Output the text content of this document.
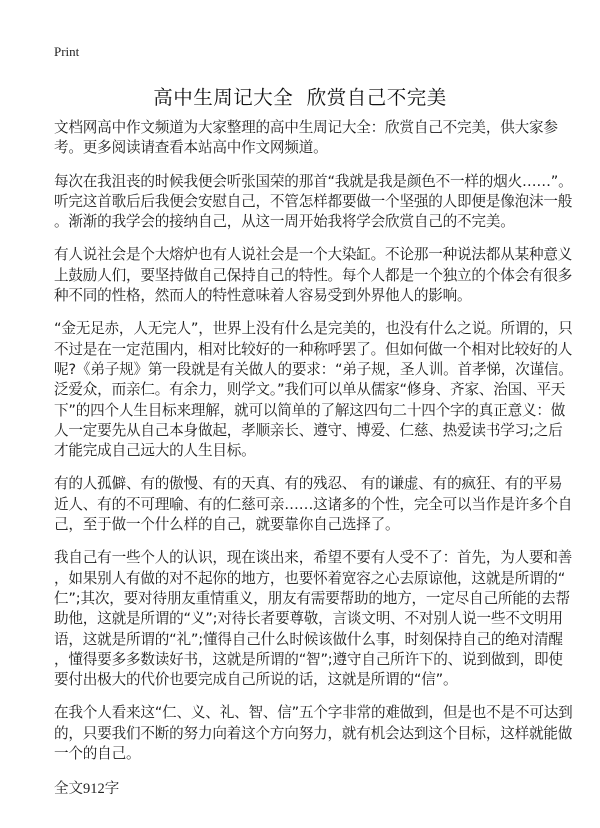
Print
高中生周记大全  欣赏自己不完美
文档网高中作文频道为大家整理的高中生周记大全：欣赏自己不完美，供大家参
考。更多阅读请查看本站高中作文网频道。
每次在我沮丧的时候我便会听张国荣的那首“我就是我是颜色不一样的烟火……”。
听完这首歌后后我便会安慰自己，不管怎样都要做一个坚强的人即便是像泡沫一般
。渐渐的我学会的接纳自己，从这一周开始我将学会欣赏自己的不完美。
有人说社会是个大熔炉也有人说社会是一个大染缸。不论那一种说法都从某种意义
上鼓励人们，要坚持做自己保持自己的特性。每个人都是一个独立的个体会有很多
种不同的性格，然而人的特性意味着人容易受到外界他人的影响。
“金无足赤，人无完人”，世界上没有什么是完美的，也没有什么之说。所谓的，只
不过是在一定范围内，相对比较好的一种称呼罢了。但如何做一个相对比较好的人
呢?《弟子规》第一段就是有关做人的要求：“弟子规，圣人训。首孝悌，次谨信。
泛爱众，而亲仁。有余力，则学文。”我们可以单从儒家“修身、齐家、治国、平天
下”的四个人生目标来理解，就可以简单的了解这四句二十四个字的真正意义：做
人一定要先从自己本身做起，孝顺亲长、遵守、博爱、仁慈、热爱读书学习;之后
才能完成自己远大的人生目标。
有的人孤僻、有的傲慢、有的天真、有的残忍、 有的谦虚、有的疯狂、有的平易
近人、有的不可理喻、有的仁慈可亲……这诸多的个性，完全可以当作是许多个自
己，至于做一个什么样的自己，就要靠你自己选择了。
我自己有一些个人的认识，现在谈出来，希望不要有人受不了：首先，为人要和善
，如果别人有做的对不起你的地方，也要怀着宽容之心去原谅他，这就是所谓的“
仁”;其次，要对待朋友重情重义，朋友有需要帮助的地方，一定尽自己所能的去帮
助他，这就是所谓的“义”;对待长者要尊敬，言谈文明、不对别人说一些不文明用
语，这就是所谓的“礼”;懂得自己什么时候该做什么事，时刻保持自己的绝对清醒
，懂得要多多数读好书，这就是所谓的“智”;遵守自己所许下的、说到做到，即使
要付出极大的代价也要完成自己所说的话，这就是所谓的“信”。
在我个人看来这“仁、义、礼、智、信”五个字非常的难做到，但是也不是不可达到
的，只要我们不断的努力向着这个方向努力，就有机会达到这个目标，这样就能做
一个的自己。
全文912字
